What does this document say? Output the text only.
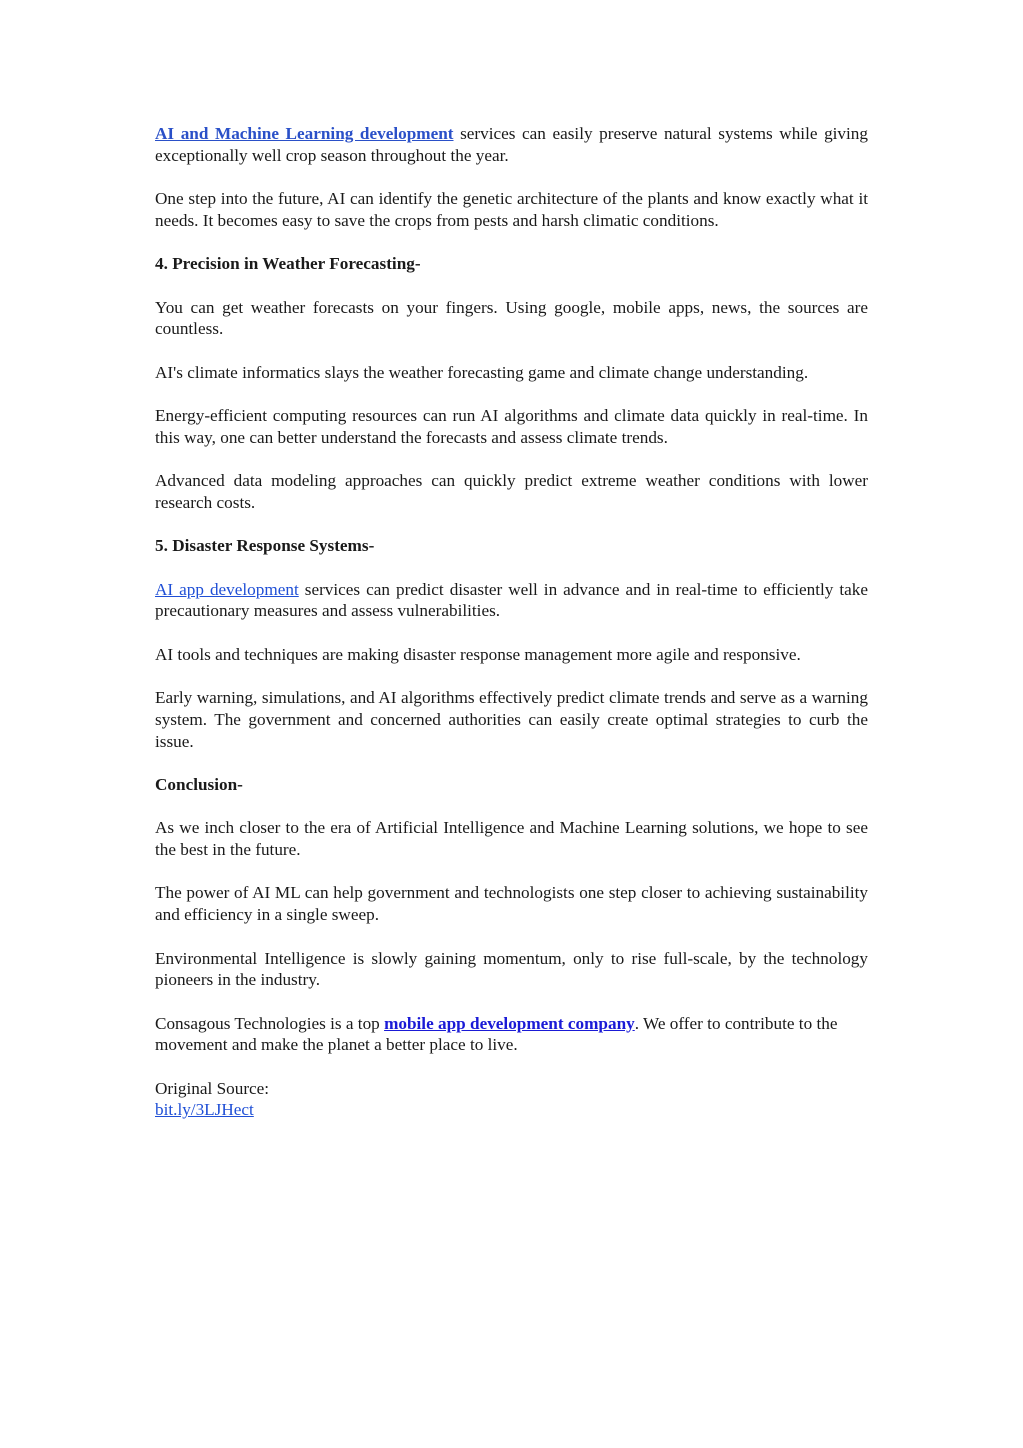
AI and Machine Learning development services can easily preserve natural systems while giving exceptionally well crop season throughout the year.

One step into the future, AI can identify the genetic architecture of the plants and know exactly what it needs. It becomes easy to save the crops from pests and harsh climatic conditions.

4. Precision in Weather Forecasting-

You can get weather forecasts on your fingers. Using google, mobile apps, news, the sources are countless.

AI's climate informatics slays the weather forecasting game and climate change understanding.

Energy-efficient computing resources can run AI algorithms and climate data quickly in real-time. In this way, one can better understand the forecasts and assess climate trends.

Advanced data modeling approaches can quickly predict extreme weather conditions with lower research costs.

5. Disaster Response Systems-

AI app development services can predict disaster well in advance and in real-time to efficiently take precautionary measures and assess vulnerabilities.

AI tools and techniques are making disaster response management more agile and responsive.

Early warning, simulations, and AI algorithms effectively predict climate trends and serve as a warning system. The government and concerned authorities can easily create optimal strategies to curb the issue.

Conclusion-

As we inch closer to the era of Artificial Intelligence and Machine Learning solutions, we hope to see the best in the future.

The power of AI ML can help government and technologists one step closer to achieving sustainability and efficiency in a single sweep.

Environmental Intelligence is slowly gaining momentum, only to rise full-scale, by the technology pioneers in the industry.

Consagous Technologies is a top mobile app development company. We offer to contribute to the movement and make the planet a better place to live.

Original Source:
bit.ly/3LJHect
